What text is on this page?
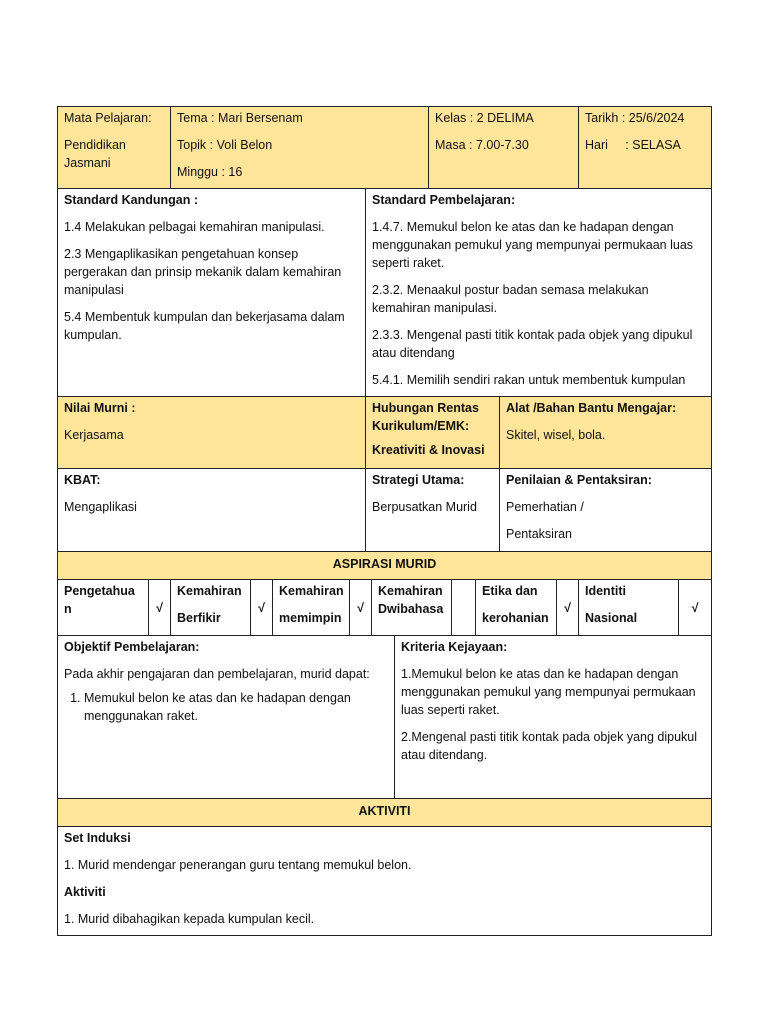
Mata Pelajaran:
Pendidikan Jasmani
Tema : Mari Bersenam
Topik : Voli Belon
Minggu : 16
Kelas : 2 DELIMA
Masa : 7.00-7.30
Tarikh : 25/6/2024
Hari     : SELASA
Standard Kandungan :
1.4 Melakukan pelbagai kemahiran manipulasi.
2.3 Mengaplikasikan pengetahuan konsep pergerakan dan prinsip mekanik dalam kemahiran manipulasi
5.4 Membentuk kumpulan dan bekerjasama dalam kumpulan.
Standard Pembelajaran:
1.4.7. Memukul belon ke atas dan ke hadapan dengan menggunakan pemukul yang mempunyai permukaan luas seperti raket.
2.3.2. Menaakul postur badan semasa melakukan kemahiran manipulasi.
2.3.3. Mengenal pasti titik kontak pada objek yang dipukul atau ditendang
5.4.1. Memilih sendiri rakan untuk membentuk kumpulan
Nilai Murni :
Kerjasama
Hubungan Rentas Kurikulum/EMK:
Kreativiti & Inovasi
Alat /Bahan Bantu Mengajar:
Skitel, wisel, bola.
KBAT:
Mengaplikasi
Strategi Utama:
Berpusatkan Murid
Penilaian & Pentaksiran:
Pemerhatian /
Pentaksiran
ASPIRASI MURID
Pengetahua
n	√
Kemahiran
Berfikir
√
Kemahiran
memimpin
√
Kemahiran
Dwibahasa
Etika dan
kerohanian
√
Identiti
Nasional
√
Objektif Pembelajaran:
Pada akhir pengajaran dan pembelajaran, murid dapat:
1. Memukul belon ke atas dan ke hadapan dengan menggunakan raket.
Kriteria Kejayaan:
1.Memukul belon ke atas dan ke hadapan dengan menggunakan pemukul yang mempunyai permukaan luas seperti raket.
2.Mengenal pasti titik kontak pada objek yang dipukul atau ditendang.
AKTIVITI
Set Induksi
1. Murid mendengar penerangan guru tentang memukul belon.
Aktiviti
1. Murid dibahagikan kepada kumpulan kecil.
